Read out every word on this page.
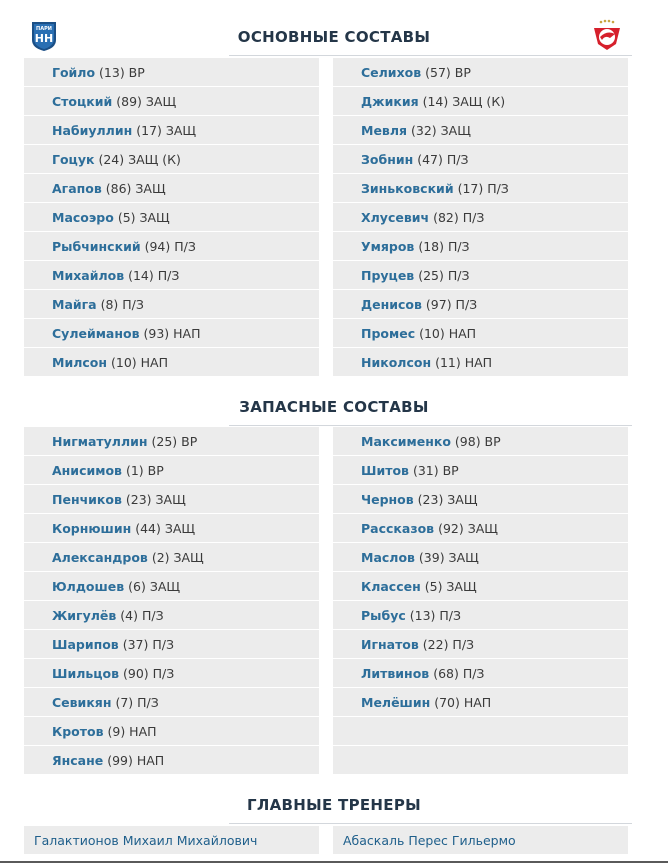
ПАРИ
НН	ОСНОВНЫЕ СОСТАВЫ
Гойло (13) ВР
Стоцкий (89) ЗАЩ
Набиуллин (17) ЗАЩ
Гоцук (24) ЗАЩ (К)
Агапов (86) ЗАЩ
Масоэро (5) ЗАЩ
Рыбчинский (94) П/З
Михайлов (14) П/З
Майга (8) П/З
Сулейманов (93) НАП
Милсон (10) НАП
Селихов (57) ВР
Джикия (14) ЗАЩ (К)
Мевля (32) ЗАЩ
Зобнин (47) П/З
Зиньковский (17) П/З
Хлусевич (82) П/З
Умяров (18) П/З
Пруцев (25) П/З
Денисов (97) П/З
Промес (10) НАП
Николсон (11) НАП
ЗАПАСНЫЕ СОСТАВЫ
Нигматуллин (25) ВР
Анисимов (1) ВР
Пенчиков (23) ЗАЩ
Корнюшин (44) ЗАЩ
Александров (2) ЗАЩ
Юлдошев (6) ЗАЩ
Жигулёв (4) П/З
Шарипов (37) П/З
Шильцов (90) П/З
Севикян (7) П/З
Кротов (9) НАП
Янсане (99) НАП
Максименко (98) ВР
Шитов (31) ВР
Чернов (23) ЗАЩ
Рассказов (92) ЗАЩ
Маслов (39) ЗАЩ
Классен (5) ЗАЩ
Рыбус (13) П/З
Игнатов (22) П/З
Литвинов (68) П/З
Мелёшин (70) НАП
ГЛАВНЫЕ ТРЕНЕРЫ
Галактионов Михаил Михайлович	Абаскаль Перес Гильермо
